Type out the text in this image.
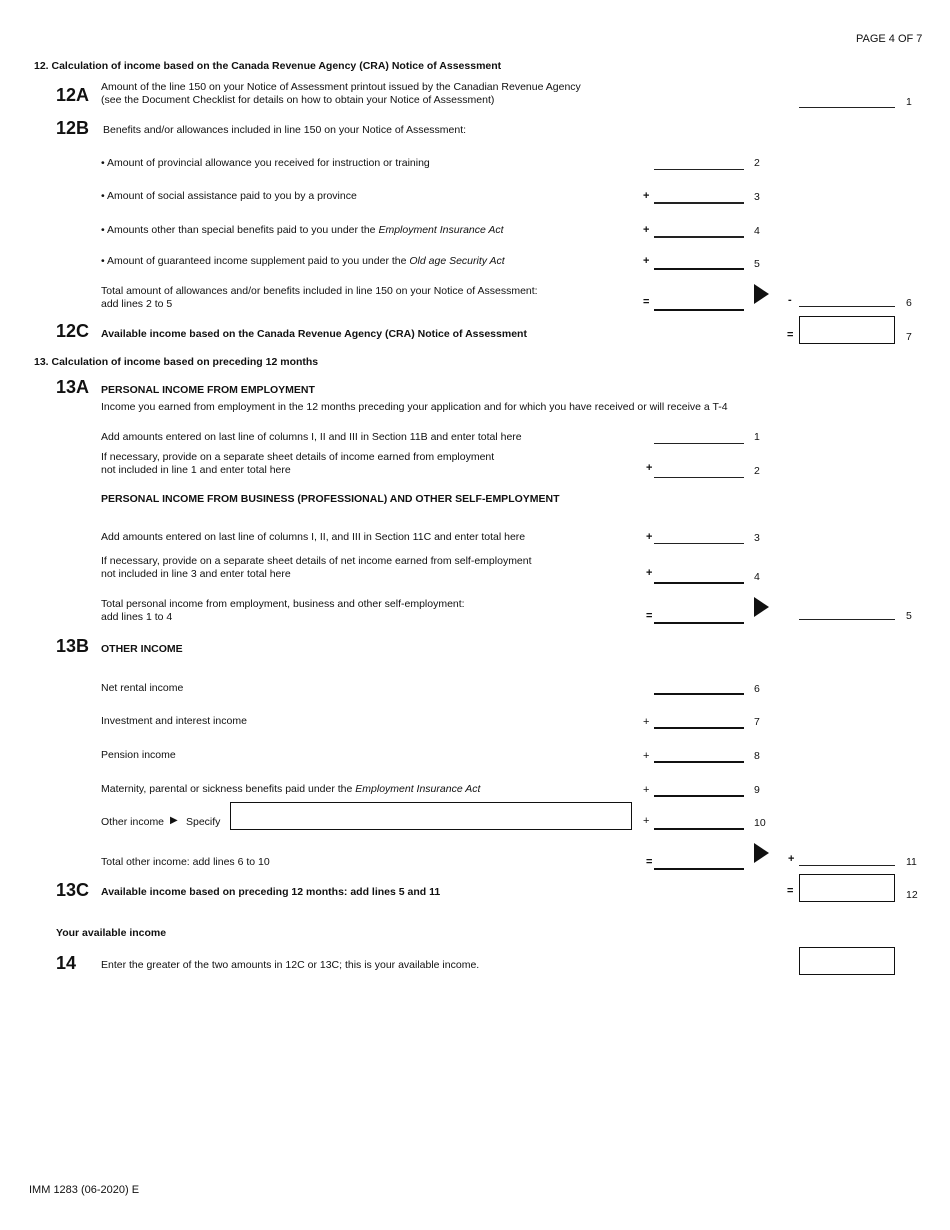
PAGE 4 OF 7
12. Calculation of income based on the Canada Revenue Agency (CRA) Notice of Assessment
12A Amount of the line 150 on your Notice of Assessment printout issued by the Canadian Revenue Agency
(see the Document Checklist for details on how to obtain your Notice of Assessment)	1
12B Benefits and/or allowances included in line 150 on your Notice of Assessment:
• Amount of provincial allowance you received for instruction or training	2
• Amount of social assistance paid to you by a province	+	3
• Amounts other than special benefits paid to you under the Employment Insurance Act	+	4
• Amount of guaranteed income supplement paid to you under the Old age Security Act	+	5
Total amount of allowances and/or benefits included in line 150 on your Notice of Assessment:
add lines 2 to 5	=	-	6
12C Available income based on the Canada Revenue Agency (CRA) Notice of Assessment	=	7
13. Calculation of income based on preceding 12 months
13A PERSONAL INCOME FROM EMPLOYMENT
Income you earned from employment in the 12 months preceding your application and for which you have received or will receive a T-4
Add amounts entered on last line of columns I, II and III in Section 11B and enter total here	1
If necessary, provide on a separate sheet details of income earned from employment
not included in line 1 and enter total here	+	2
PERSONAL INCOME FROM BUSINESS (PROFESSIONAL) AND OTHER SELF-EMPLOYMENT
Add amounts entered on last line of columns I, II, and III in Section 11C and enter total here	+	3
If necessary, provide on a separate sheet details of net income earned from self-employment
not included in line 3 and enter total here	+	4
Total personal income from employment, business and other self-employment:
add lines 1 to 4	=	5
13B OTHER INCOME
Net rental income	6
Investment and interest income	+	7
Pension income	+	8
Maternity, parental or sickness benefits paid under the Employment Insurance Act	+	9
Other income ▶ Specify	+	10
Total other income: add lines 6 to 10	=	+	11
13C Available income based on preceding 12 months: add lines 5 and 11	=	12
Your available income
14 Enter the greater of the two amounts in 12C or 13C; this is your available income.
IMM 1283 (06-2020) E
